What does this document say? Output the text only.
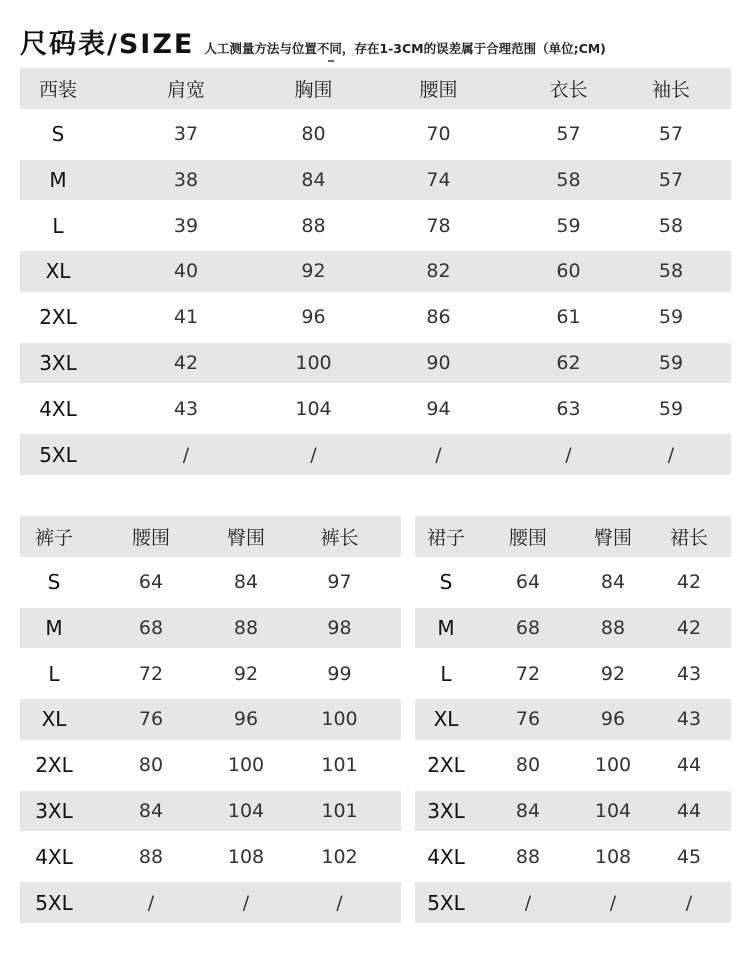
尺码表/SIZE 人工测量方法与位置不同，存在1-3CM的误差属于合理范围（单位;CM)
西装	肩宽	胸围	腰围	衣长	袖长
S	37	80	70	57	57
M	38	84	74	58	57
L	39	88	78	59	58
XL	40	92	82	60	58
2XL	41	96	86	61	59
3XL	42	100	90	62	59
4XL	43	104	94	63	59
5XL	/	/	/	/	/
裤子	腰围	臀围	裤长
S	64	84	97
M	68	88	98
L	72	92	99
XL	76	96	100
2XL	80	100	101
3XL	84	104	101
4XL	88	108	102
5XL	/	/	/
裙子	腰围	臀围	裙长
S	64	84	42
M	68	88	42
L	72	92	43
XL	76	96	43
2XL	80	100	44
3XL	84	104	44
4XL	88	108	45
5XL	/	/	/
